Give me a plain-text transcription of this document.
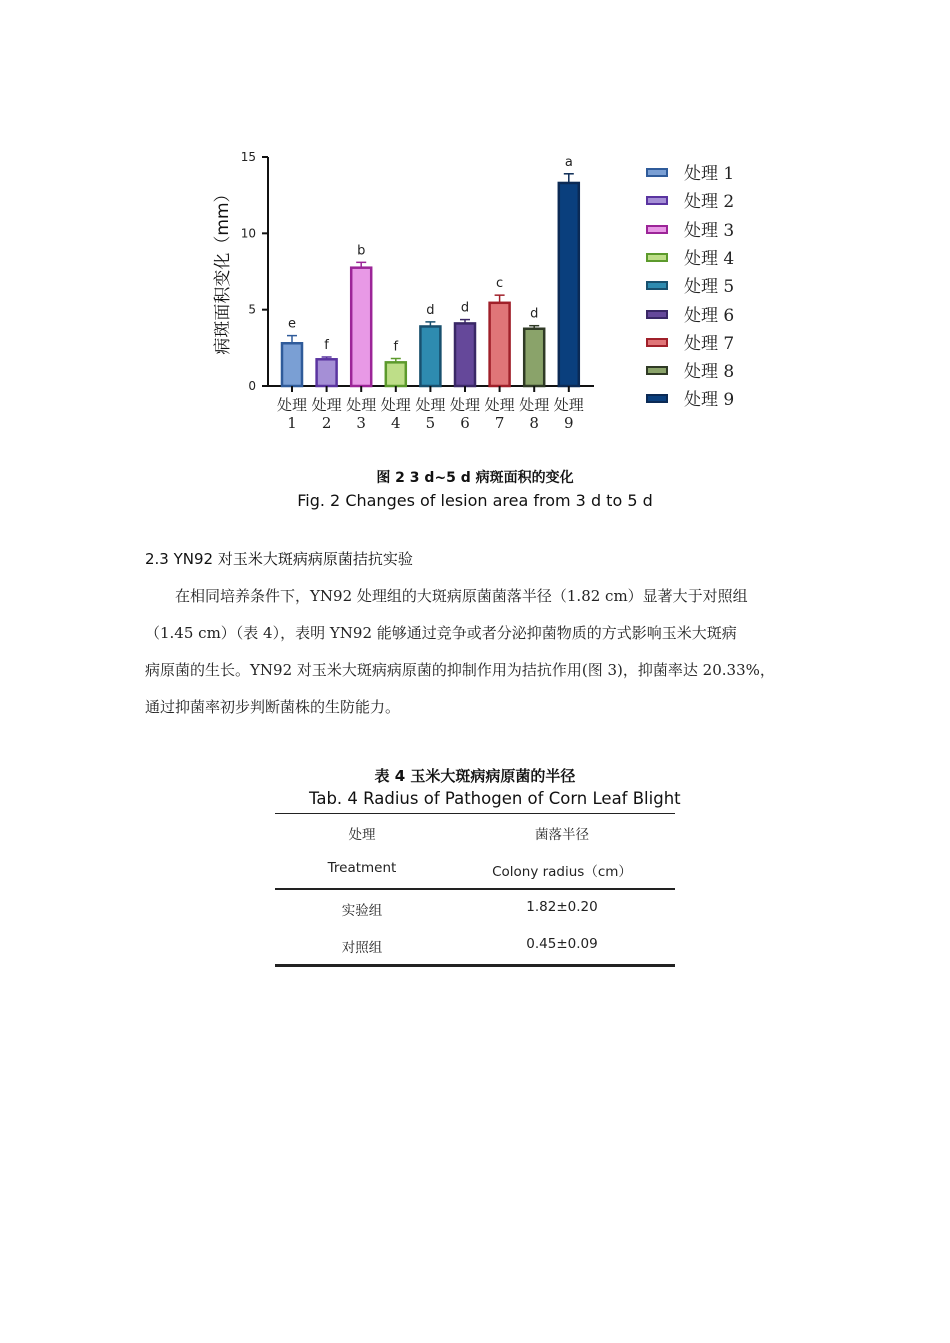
0
5
10
15
病斑面积变化（mm）	e
处理 1
f
处理 2
b
处理 3
f
处理 4
d
处理 5
d
处理 6
c
处理 7
d
处理 8
a
处理 9
处理 1
处理 2
处理 3
处理 4
处理 5
处理 6
处理 7
处理 8
处理 9
图 2 3 d~5 d 病斑面积的变化
Fig. 2 Changes of lesion area from 3 d to 5 d
2.3 YN92 对玉米大斑病病原菌拮抗实验
　　在相同培养条件下，YN92 处理组的大斑病原菌菌落半径（1.82 cm）显著大于对照组
（1.45 cm）（表 4），表明 YN92 能够通过竞争或者分泌抑菌物质的方式影响玉米大斑病
病原菌的生长。YN92 对玉米大斑病病原菌的抑制作用为拮抗作用(图 3)，抑菌率达 20.33%，
通过抑菌率初步判断菌株的生防能力。
表 4 玉米大斑病病原菌的半径
Tab. 4 Radius of Pathogen of Corn Leaf Blight
处理	菌落半径
Treatment	Colony radius（cm）
实验组	1.82±0.20
对照组	0.45±0.09
